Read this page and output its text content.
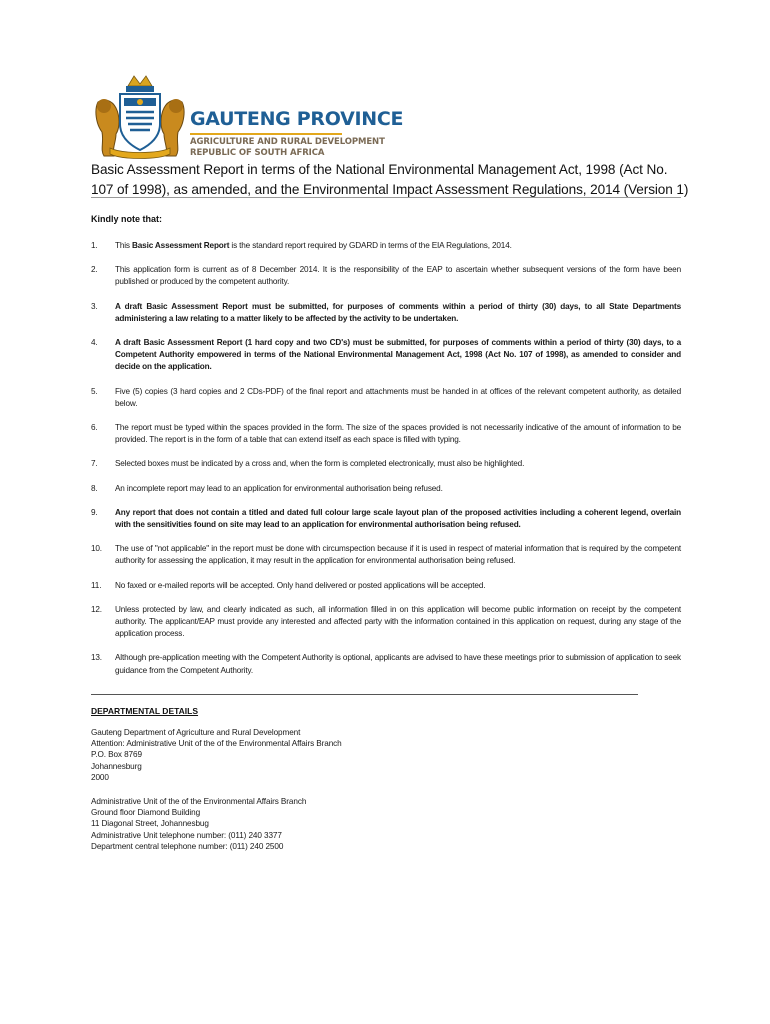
GAUTENG PROVINCE
AGRICULTURE AND RURAL DEVELOPMENT
REPUBLIC OF SOUTH AFRICA
Basic Assessment Report in terms of the National Environmental Management Act, 1998 (Act No. 107 of 1998), as amended, and the Environmental Impact Assessment Regulations, 2014 (Version 1)
Kindly note that:
1. This Basic Assessment Report is the standard report required by GDARD in terms of the EIA Regulations, 2014.
2. This application form is current as of 8 December 2014. It is the responsibility of the EAP to ascertain whether subsequent versions of the form have been published or produced by the competent authority.
3. A draft Basic Assessment Report must be submitted, for purposes of comments within a period of thirty (30) days, to all State Departments administering a law relating to a matter likely to be affected by the activity to be undertaken.
4. A draft Basic Assessment Report (1 hard copy and two CD's) must be submitted, for purposes of comments within a period of thirty (30) days, to a Competent Authority empowered in terms of the National Environmental Management Act, 1998 (Act No. 107 of 1998), as amended to consider and decide on the application.
5. Five (5) copies (3 hard copies and 2 CDs-PDF) of the final report and attachments must be handed in at offices of the relevant competent authority, as detailed below.
6. The report must be typed within the spaces provided in the form. The size of the spaces provided is not necessarily indicative of the amount of information to be provided. The report is in the form of a table that can extend itself as each space is filled with typing.
7. Selected boxes must be indicated by a cross and, when the form is completed electronically, must also be highlighted.
8. An incomplete report may lead to an application for environmental authorisation being refused.
9. Any report that does not contain a titled and dated full colour large scale layout plan of the proposed activities including a coherent legend, overlain with the sensitivities found on site may lead to an application for environmental authorisation being refused.
10. The use of "not applicable" in the report must be done with circumspection because if it is used in respect of material information that is required by the competent authority for assessing the application, it may result in the application for environmental authorisation being refused.
11. No faxed or e-mailed reports will be accepted. Only hand delivered or posted applications will be accepted.
12. Unless protected by law, and clearly indicated as such, all information filled in on this application will become public information on receipt by the competent authority. The applicant/EAP must provide any interested and affected party with the information contained in this application on request, during any stage of the application process.
13. Although pre-application meeting with the Competent Authority is optional, applicants are advised to have these meetings prior to submission of application to seek guidance from the Competent Authority.
DEPARTMENTAL DETAILS
Gauteng Department of Agriculture and Rural Development
Attention: Administrative Unit of the of the Environmental Affairs Branch
P.O. Box 8769
Johannesburg
2000
Administrative Unit of the of the Environmental Affairs Branch
Ground floor Diamond Building
11 Diagonal Street, Johannesbug
Administrative Unit telephone number: (011) 240 3377
Department central telephone number: (011) 240 2500
